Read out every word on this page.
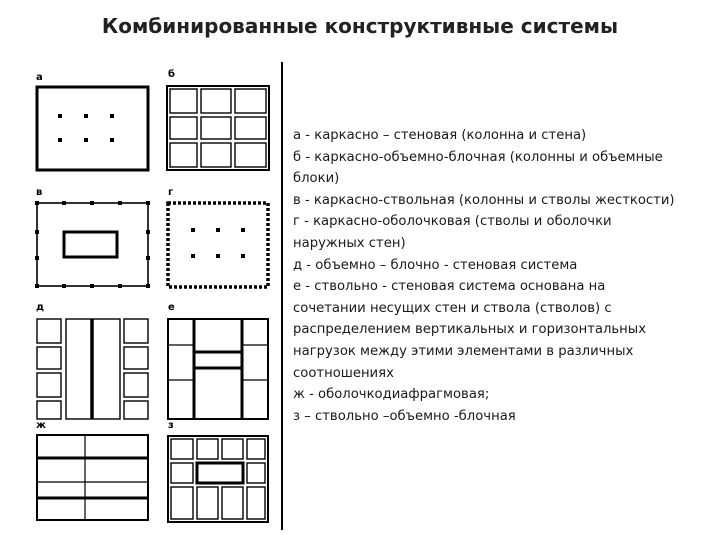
Комбинированные конструктивные системы
а	б
в	г
д	е
ж	з
а - каркасно – стеновая (колонна и стена)
б - каркасно-объемно-блочная (колонны и объемные
блоки)
в - каркасно-ствольная (колонны и стволы жесткости)
г - каркасно-оболочковая (стволы и оболочки
наружных стен)
д - объемно – блочно - стеновая система
е - ствольно - стеновая система основана на
сочетании несущих стен и ствола (стволов) с
распределением вертикальных и горизонтальных
нагрузок между этими элементами в различных
соотношениях
ж - оболочкодиафрагмовая;
з – ствольно –объемно -блочная
